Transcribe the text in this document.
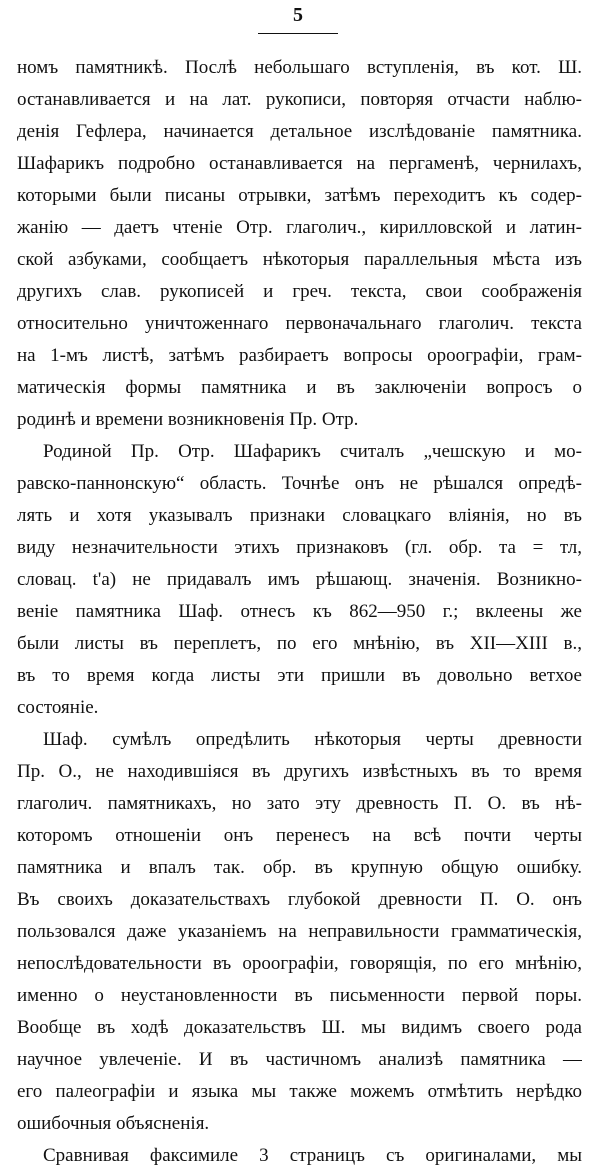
5
номъ памятникѣ. Послѣ небольшаго вступленія, въ кот. Ш.
останавливается и на лат. рукописи, повторяя отчасти наблю-
денія Гефлера, начинается детальное изслѣдованіе памятника.
Шафарикъ подробно останавливается на пергаменѣ, чернилахъ,
которыми были писаны отрывки, затѣмъ переходитъ къ содер-
жанію — даетъ чтеніе Отр. глаголич., кирилловской и латин-
ской азбуками, сообщаетъ нѣкоторыя параллельныя мѣста изъ
другихъ слав. рукописей и греч. текста, свои соображенія
относительно уничтоженнаго первоначальнаго глаголич. текста
на 1-мъ листѣ, затѣмъ разбираетъ вопросы ороографіи, грам-
матическія формы памятника и въ заключеніи вопросъ о
родинѣ и времени возникновенія Пр. Отр.
Родиной Пр. Отр. Шафарикъ считалъ „чешскую и мо-
равско-паннонскую“ область. Точнѣе онъ не рѣшался опредѣ-
лять и хотя указывалъ признаки словацкаго вліянія, но въ
виду незначительности этихъ признаковъ (гл. обр. та = тл,
словац. t'a) не придавалъ имъ рѣшающ. значенія. Возникно-
веніе памятника Шаф. отнесъ къ 862—950 г.; вклеены же
были листы въ переплетъ, по его мнѣнію, въ XII—XIII в.,
въ то время когда листы эти пришли въ довольно ветхое
состояніе.
Шаф. сумѣлъ опредѣлить нѣкоторыя черты древности
Пр. О., не находившіяся въ другихъ извѣстныхъ въ то время
глаголич. памятникахъ, но зато эту древность П. О. въ нѣ-
которомъ отношеніи онъ перенесъ на всѣ почти черты
памятника и впалъ так. обр. въ крупную общую ошибку.
Въ своихъ доказательствахъ глубокой древности П. О. онъ
пользовался даже указаніемъ на неправильности грамматическія,
непослѣдовательности въ ороографіи, говорящія, по его мнѣнію,
именно о неустановленности въ письменности первой поры.
Вообще въ ходѣ доказательствъ Ш. мы видимъ своего рода
научное увлеченіе. И въ частичномъ анализѣ памятника —
его палеографіи и языка мы также можемъ отмѣтить нерѣдко
ошибочныя объясненія.
Сравнивая факсимиле 3 страницъ съ оригиналами, мы
